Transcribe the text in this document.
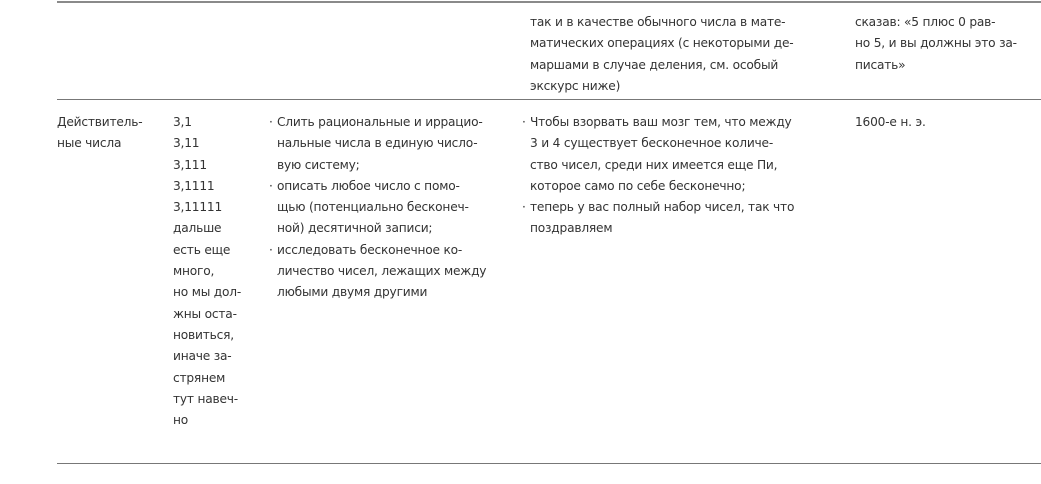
так и в качестве обычного числа в мате-
матических операциях (с некоторыми де-
маршами в случае деления, см. особый
экскурс ниже)
сказав: «5 плюс 0 рав-
но 5, и вы должны это за-
писать»
Действитель-
ные числа
3,1
3,11
3,111
3,1111
3,11111
дальше
есть еще
много,
но мы дол-
жны оста-
новиться,
иначе за-
стрянем
тут навеч-
но
· Слить рациональные и иррацио-
нальные числа в единую числo-
вую систему;
· описать любое число с помо-
щью (потенциально бесконеч-
ной) десятичной записи;
· исследовать бесконечное ко-
личество чисел, лежащих между
любыми двумя другими
· Чтобы взорвать ваш мозг тем, что между
3 и 4 существует бесконечное количе-
ство чисел, среди них имеется еще Пи,
которое само по себе бесконечно;
· теперь у вас полный набор чисел, так что
поздравляем
1600-е н. э.
